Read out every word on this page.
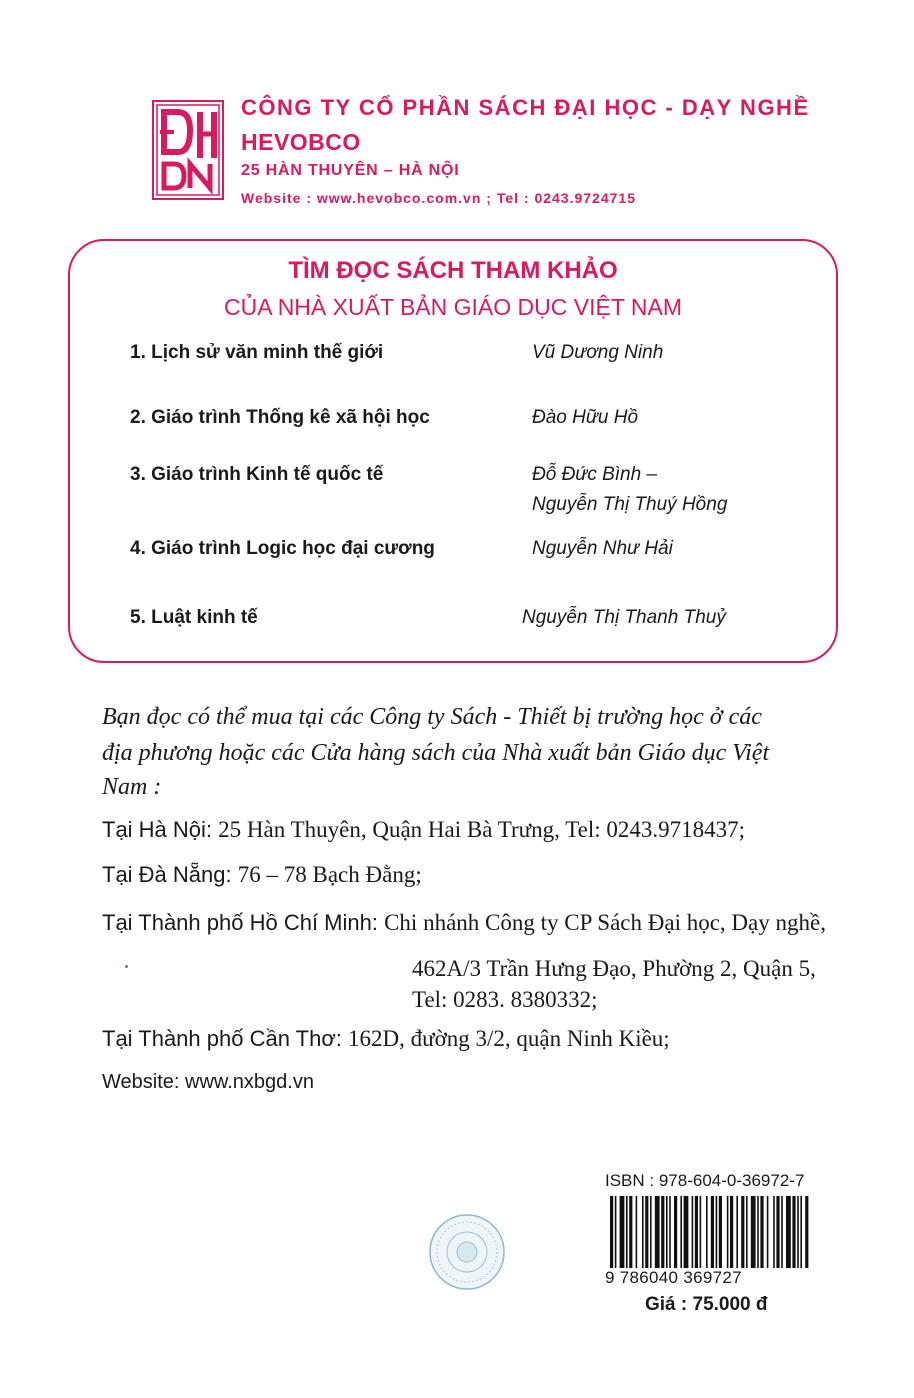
CÔNG TY CỔ PHẦN SÁCH ĐẠI HỌC - DẠY NGHỀ
HEVOBCO
25 HÀN THUYÊN – HÀ NỘI
Website : www.hevobco.com.vn ; Tel : 0243.9724715
TÌM ĐỌC SÁCH THAM KHẢO
CỦA NHÀ XUẤT BẢN GIÁO DỤC VIỆT NAM
1. Lịch sử văn minh thế giới	Vũ Dương Ninh
2. Giáo trình Thống kê xã hội học	Đào Hữu Hồ
3. Giáo trình Kinh tế quốc tế	Đỗ Đức Bình –
Nguyễn Thị Thuý Hồng
4. Giáo trình Logic học đại cương	Nguyễn Như Hải
5. Luật kinh tế	Nguyễn Thị Thanh Thuỷ
Bạn đọc có thể mua tại các Công ty Sách - Thiết bị trường học ở các
địa phương hoặc các Cửa hàng sách của Nhà xuất bản Giáo dục Việt
Nam :
Tại Hà Nội: 25 Hàn Thuyên, Quận Hai Bà Trưng, Tel: 0243.9718437;
Tại Đà Nẵng: 76 – 78 Bạch Đằng;
Tại Thành phố Hồ Chí Minh: Chi nhánh Công ty CP Sách Đại học, Dạy nghề,
462A/3 Trần Hưng Đạo, Phường 2, Quận 5,
Tel: 0283. 8380332;
Tại Thành phố Cần Thơ: 162D, đường 3/2, quận Ninh Kiều;
Website: www.nxbgd.vn
ISBN : 978-604-0-36972-7
9 786040 369727
Giá : 75.000 đ
